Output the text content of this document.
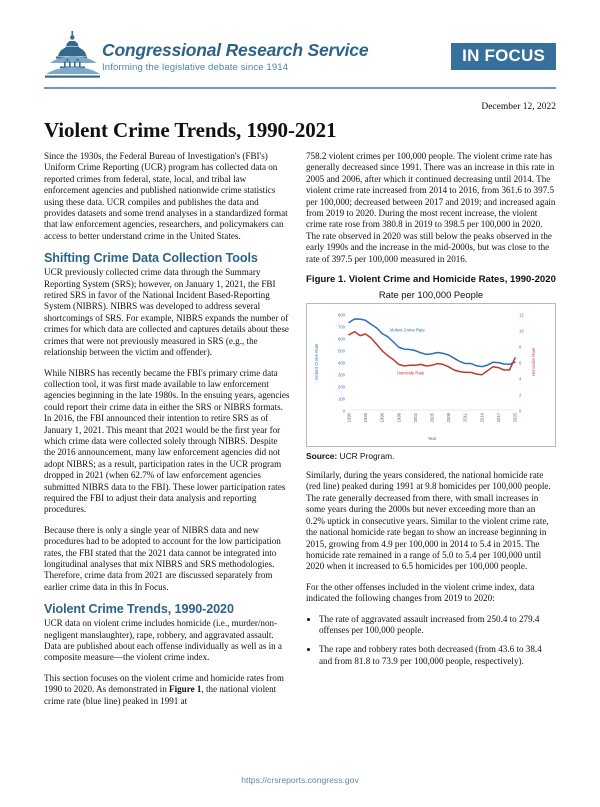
Congressional Research Service
Informing the legislative debate since 1914
IN FOCUS
December 12, 2022
Violent Crime Trends, 1990-2021

Since the 1930s, the Federal Bureau of Investigation's (FBI's) Uniform Crime Reporting (UCR) program has collected data on reported crimes from federal, state, local, and tribal law enforcement agencies and published nationwide crime statistics using these data. UCR compiles and publishes the data and provides datasets and some trend analyses in a standardized format that law enforcement agencies, researchers, and policymakers can access to better understand crime in the United States.

Shifting Crime Data Collection Tools

UCR previously collected crime data through the Summary Reporting System (SRS); however, on January 1, 2021, the FBI retired SRS in favor of the National Incident Based-Reporting System (NIBRS). NIBRS was developed to address several shortcomings of SRS. For example, NIBRS expands the number of crimes for which data are collected and captures details about these crimes that were not previously measured in SRS (e.g., the relationship between the victim and offender).

While NIBRS has recently became the FBI's primary crime data collection tool, it was first made available to law enforcement agencies beginning in the late 1980s. In the ensuing years, agencies could report their crime data in either the SRS or NIBRS formats. In 2016, the FBI announced their intention to retire SRS as of January 1, 2021. This meant that 2021 would be the first year for which crime data were collected solely through NIBRS. Despite the 2016 announcement, many law enforcement agencies did not adopt NIBRS; as a result, participation rates in the UCR program dropped in 2021 (when 62.7% of law enforcement agencies submitted NIBRS data to the FBI). These lower participation rates required the FBI to adjust their data analysis and reporting procedures.

Because there is only a single year of NIBRS data and new procedures had to be adopted to account for the low participation rates, the FBI stated that the 2021 data cannot be integrated into longitudinal analyses that mix NIBRS and SRS methodologies. Therefore, crime data from 2021 are discussed separately from earlier crime data in this In Focus.

Violent Crime Trends, 1990-2020

UCR data on violent crime includes homicide (i.e., murder/non-negligent manslaughter), rape, robbery, and aggravated assault. Data are published about each offense individually as well as in a composite measure—the violent crime index.

This section focuses on the violent crime and homicide rates from 1990 to 2020. As demonstrated in Figure 1, the national violent crime rate (blue line) peaked in 1991 at

758.2 violent crimes per 100,000 people. The violent crime rate has generally decreased since 1991. There was an increase in this rate in 2005 and 2006, after which it continued decreasing until 2014. The violent crime rate increased from 2014 to 2016, from 361.6 to 397.5 per 100,000; decreased between 2017 and 2019; and increased again from 2019 to 2020. During the most recent increase, the violent crime rate rose from 380.8 in 2019 to 398.5 per 100,000 in 2020. The rate observed in 2020 was still below the peaks observed in the early 1990s and the increase in the mid-2000s, but was close to the rate of 397.5 per 100,000 measured in 2016.

Figure 1. Violent Crime and Homicide Rates, 1990-2020
Rate per 100,000 People
0
100
200
300
400
500
600
700
800
0
2
4
6
8
10
12
1990	1993	1996	1999	2002	2005	2008	2011	2014	2017	2020
Violent Crime Rate	Homicide Rate
Year
Violent Crime Rate
Homicide Rate
Source: UCR Program.

Similarly, during the years considered, the national homicide rate (red line) peaked during 1991 at 9.8 homicides per 100,000 people. The rate generally decreased from there, with small increases in some years during the 2000s but never exceeding more than an 0.2% uptick in consecutive years. Similar to the violent crime rate, the national homicide rate began to show an increase beginning in 2015, growing from 4.9 per 100,000 in 2014 to 5.4 in 2015. The homicide rate remained in a range of 5.0 to 5.4 per 100,000 until 2020 when it increased to 6.5 homicides per 100,000 people.

For the other offenses included in the violent crime index, data indicated the following changes from 2019 to 2020:

• The rate of aggravated assault increased from 250.4 to 279.4 offenses per 100,000 people.
• The rape and robbery rates both decreased (from 43.6 to 38.4 and from 81.8 to 73.9 per 100,000 people, respectively).
https://crsreports.congress.gov
